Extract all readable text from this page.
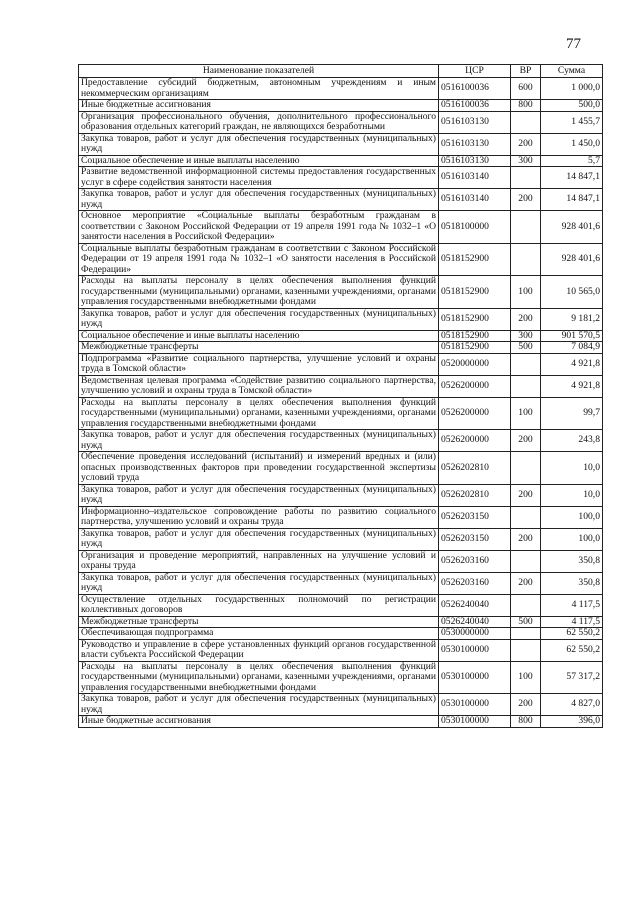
77
Наименование показателей	ЦСР	ВР	Сумма
Предоставление субсидий бюджетным, автономным учреждениям и иным некоммерческим организациям	0516100036	600	1 000,0
Иные бюджетные ассигнования	0516100036	800	500,0
Организация профессионального обучения, дополнительного профессионального образования отдельных категорий граждан, не являющихся безработными	0516103130		1 455,7
Закупка товаров, работ и услуг для обеспечения государственных (муниципальных) нужд	0516103130	200	1 450,0
Социальное обеспечение и иные выплаты населению	0516103130	300	5,7
Развитие ведомственной информационной системы предоставления государственных услуг в сфере содействия занятости населения	0516103140		14 847,1
Закупка товаров, работ и услуг для обеспечения государственных (муниципальных) нужд	0516103140	200	14 847,1
Основное мероприятие «Социальные выплаты безработным гражданам в соответствии с Законом Российской Федерации от 19 апреля 1991 года № 1032–1 «О занятости населения в Российской Федерации»	0518100000		928 401,6
Социальные выплаты безработным гражданам в соответствии с Законом Российской Федерации от 19 апреля 1991 года № 1032–1 «О занятости населения в Российской Федерации»	0518152900		928 401,6
Расходы на выплаты персоналу в целях обеспечения выполнения функций государственными (муниципальными) органами, казенными учреждениями, органами управления государственными внебюджетными фондами	0518152900	100	10 565,0
Закупка товаров, работ и услуг для обеспечения государственных (муниципальных) нужд	0518152900	200	9 181,2
Социальное обеспечение и иные выплаты населению	0518152900	300	901 570,5
Межбюджетные трансферты	0518152900	500	7 084,9
Подпрограмма «Развитие социального партнерства, улучшение условий и охраны труда в Томской области»	0520000000		4 921,8
Ведомственная целевая программа «Содействие развитию социального партнерства, улучшению условий и охраны труда в Томской области»	0526200000		4 921,8
Расходы на выплаты персоналу в целях обеспечения выполнения функций государственными (муниципальными) органами, казенными учреждениями, органами управления государственными внебюджетными фондами	0526200000	100	99,7
Закупка товаров, работ и услуг для обеспечения государственных (муниципальных) нужд	0526200000	200	243,8
Обеспечение проведения исследований (испытаний) и измерений вредных и (или) опасных производственных факторов при проведении государственной экспертизы условий труда	0526202810		10,0
Закупка товаров, работ и услуг для обеспечения государственных (муниципальных) нужд	0526202810	200	10,0
Информационно–издательское сопровождение работы по развитию социального партнерства, улучшению условий и охраны труда	0526203150		100,0
Закупка товаров, работ и услуг для обеспечения государственных (муниципальных) нужд	0526203150	200	100,0
Организация и проведение мероприятий, направленных на улучшение условий и охраны труда	0526203160		350,8
Закупка товаров, работ и услуг для обеспечения государственных (муниципальных) нужд	0526203160	200	350,8
Осуществление отдельных государственных полномочий по регистрации коллективных договоров	0526240040		4 117,5
Межбюджетные трансферты	0526240040	500	4 117,5
Обеспечивающая подпрограмма	0530000000		62 550,2
Руководство и управление в сфере установленных функций органов государственной власти субъекта Российской Федерации	0530100000		62 550,2
Расходы на выплаты персоналу в целях обеспечения выполнения функций государственными (муниципальными) органами, казенными учреждениями, органами управления государственными внебюджетными фондами	0530100000	100	57 317,2
Закупка товаров, работ и услуг для обеспечения государственных (муниципальных) нужд	0530100000	200	4 827,0
Иные бюджетные ассигнования	0530100000	800	396,0
